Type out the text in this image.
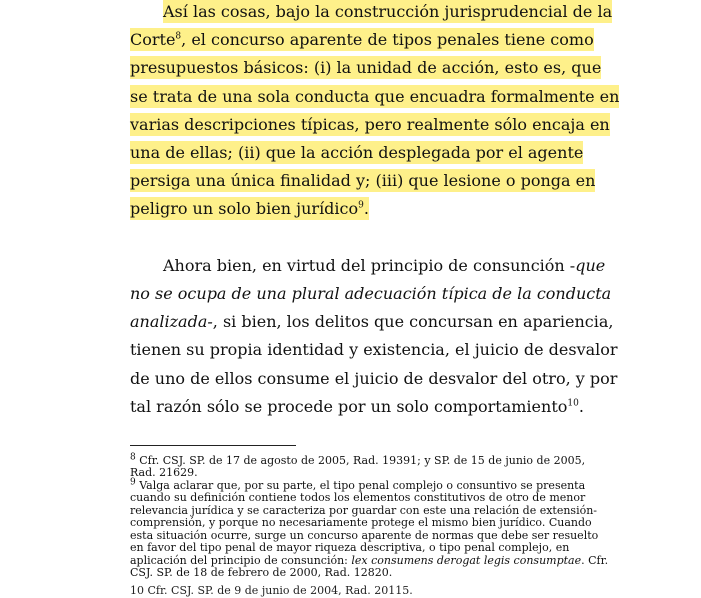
Así las cosas, bajo la construcción jurisprudencial de la
Corte$^8$, el concurso aparente de tipos penales tiene como
presupuestos básicos: (i) la unidad de acción, esto es, que
se trata de una sola conducta que encuadra formalmente en
varias descripciones típicas, pero realmente sólo encaja en
una de ellas; (ii) que la acción desplegada por el agente
persiga una única finalidad y; (iii) que lesione o ponga en
peligro un solo bien jurídico$^9$.
Ahora bien, en virtud del principio de consunción -que
no se ocupa de una plural adecuación típica de la conducta
analizada-, si bien, los delitos que concursan en apariencia,
tienen su propia identidad y existencia, el juicio de desvalor
de uno de ellos consume el juicio de desvalor del otro, y por
tal razón sólo se procede por un solo comportamiento$^{10}$.
$^8$ Cfr. CSJ. SP. de 17 de agosto de 2005, Rad. 19391; y SP. de 15 de junio de 2005,
Rad. 21629.
$^9$ Valga aclarar que, por su parte, el tipo penal complejo o consuntivo se presenta
cuando su definición contiene todos los elementos constitutivos de otro de menor
relevancia jurídica y se caracteriza por guardar con este una relación de extensión-
comprensión, y porque no necesariamente protege el mismo bien jurídico. Cuando
esta situación ocurre, surge un concurso aparente de normas que debe ser resuelto
en favor del tipo penal de mayor riqueza descriptiva, o tipo penal complejo, en
aplicación del principio de consunción: lex consumens derogat legis consumptae. Cfr.
CSJ. SP. de 18 de febrero de 2000, Rad. 12820.
10 Cfr. CSJ. SP. de 9 de junio de 2004, Rad. 20115.
